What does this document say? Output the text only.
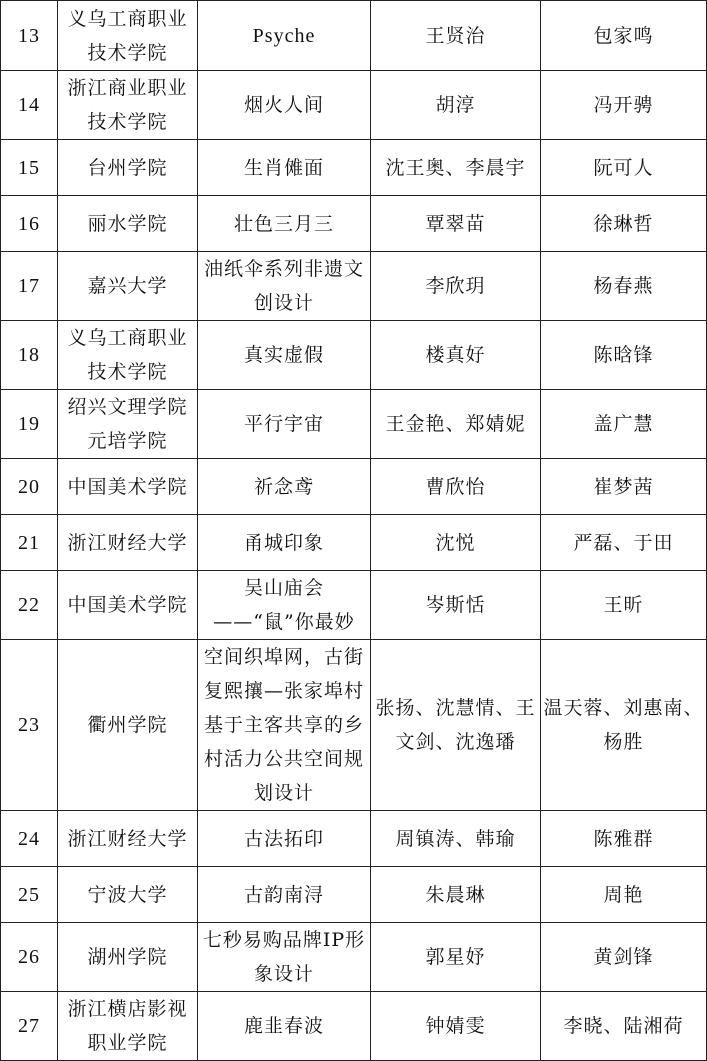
13	义乌工商职业技术学院	Psyche	王贤治	包家鸣
14	浙江商业职业技术学院	烟火人间	胡淳	冯开骋
15	台州学院	生肖傩面	沈王奥、李晨宇	阮可人
16	丽水学院	壮色三月三	覃翠苗	徐琳哲
17	嘉兴大学	油纸伞系列非遗文创设计	李欣玥	杨春燕
18	义乌工商职业技术学院	真实虚假	楼真好	陈晗锋
19	绍兴文理学院元培学院	平行宇宙	王金艳、郑婧妮	盖广慧
20	中国美术学院	祈念鸢	曹欣怡	崔梦茜
21	浙江财经大学	甬城印象	沈悦	严磊、于田
22	中国美术学院	吴山庙会——“鼠”你最妙	岑斯恬	王昕
23	衢州学院	空间织埠网，古街复熙攘—张家埠村基于主客共享的乡村活力公共空间规划设计	张扬、沈慧情、王文剑、沈逸璠	温天蓉、刘惠南、杨胜
24	浙江财经大学	古法拓印	周镇涛、韩瑜	陈雅群
25	宁波大学	古韵南浔	朱晨琳	周艳
26	湖州学院	七秒易购品牌IP形象设计	郭星妤	黄剑锋
27	浙江横店影视职业学院	鹿韭春波	钟婧雯	李晓、陆湘荷
